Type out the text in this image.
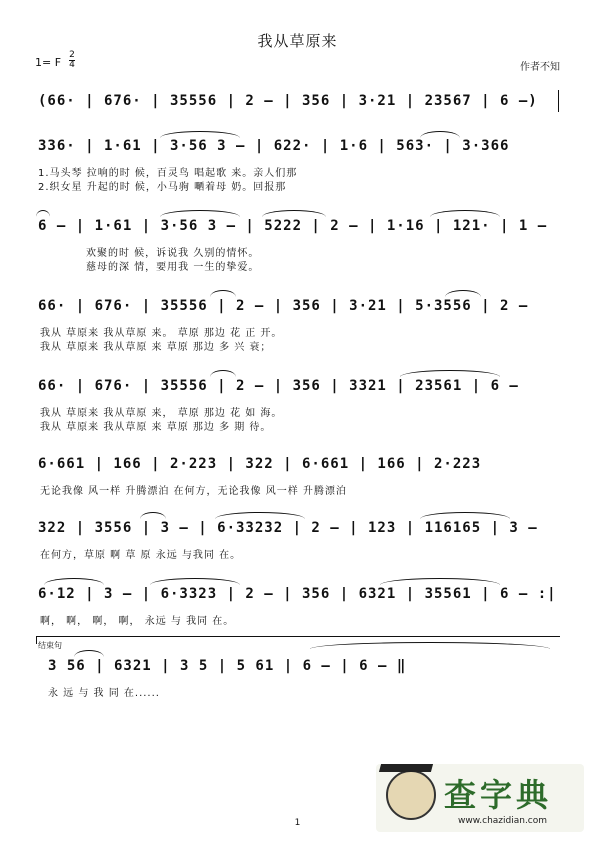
我从草原来
1= F
2
4	作者不知
(66· | 676· | 35556 | 2 – | 356 | 3·21 | 23567 | 6 –)
336· | 1·61 | 3·56 3 – | 622· | 1·6 | 563· | 3·366
1.马头琴 拉响的时 候，百灵鸟 唱起歌 来。亲人们那
2.织女星 升起的时 候，小马驹 嗮着母 奶。回报那
6 – | 1·61 | 3·56 3 – | 5222 | 2 – | 1·16 | 121· | 1 –
欢聚的时 候，诉说我 久别的情怀。
慈母的深 情，要用我 一生的挚爱。
66· | 676· | 35556 | 2 – | 356 | 3·21 | 5·3556 | 2 –
我从 草原来 我从草原 来。 草原 那边 花 正 开。
我从 草原来 我从草原 来 草原 那边 多 兴 衰；
66· | 676· | 35556 | 2 – | 356 | 3321 | 23561 | 6 –
我从 草原来 我从草原 来， 草原 那边 花 如 海。
我从 草原来 我从草原 来 草原 那边 多 期 待。
6·661 | 166 | 2·223 | 322 | 6·661 | 166 | 2·223
无论我像 风一样 升腾漂泊 在何方，无论我像 风一样 升腾漂泊
322 | 3556 | 3 – | 6·33232 | 2 – | 123 | 116165 | 3 –
在何方，草原 啊 草 原 永远 与我同 在。
6·12 | 3 – | 6·3323 | 2 – | 356 | 6321 | 35561 | 6 – :|
啊， 啊， 啊， 啊， 永远 与 我同 在。
结束句
3 56 | 6321 | 3 5 | 5 61 | 6 – | 6 – ‖
永 远 与 我 同 在......
1
查字典
www.chazidian.com
